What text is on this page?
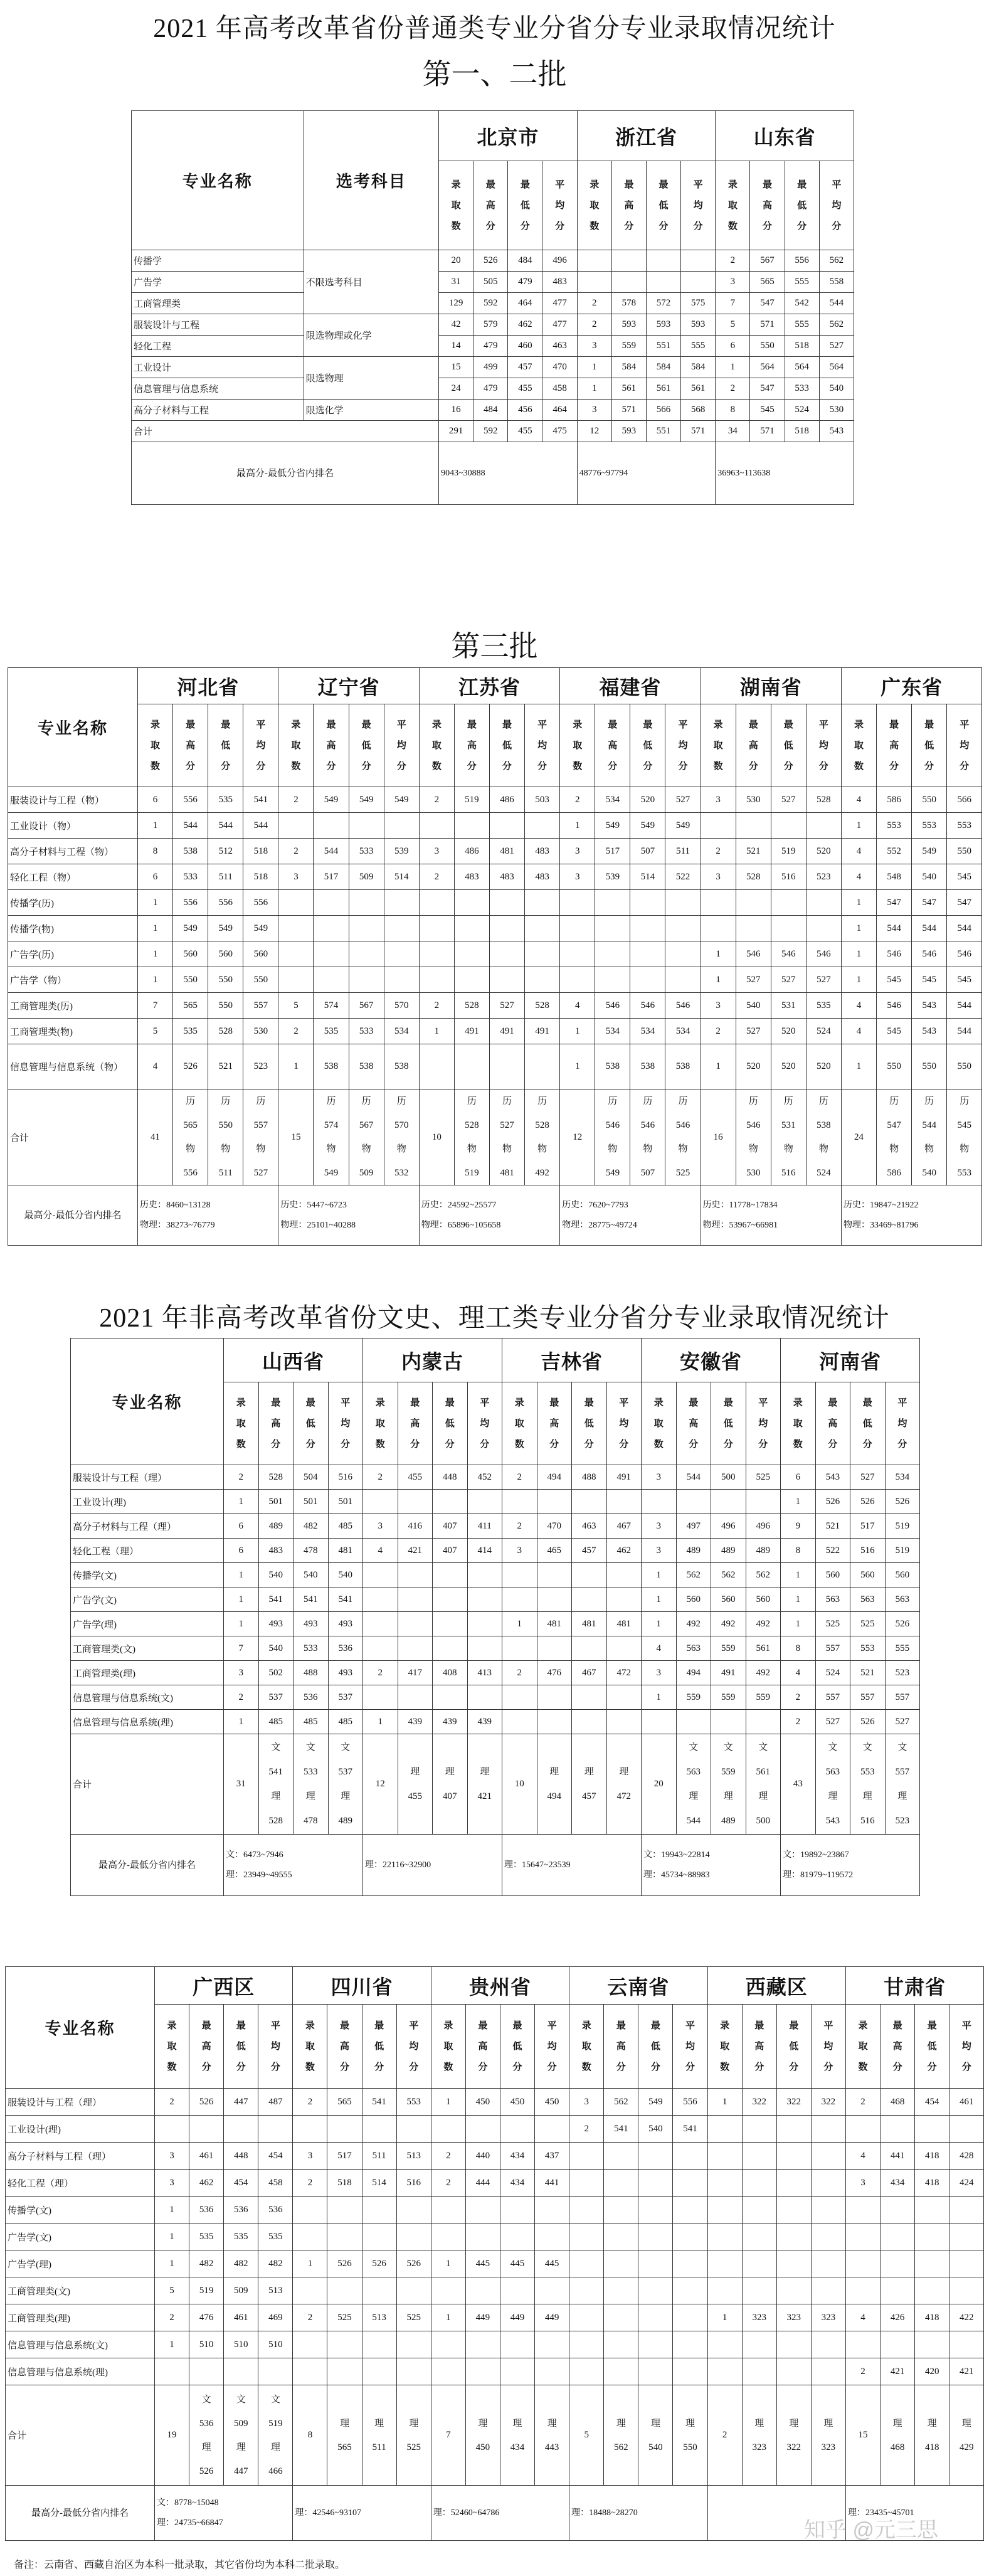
2021 年高考改革省份普通类专业分省分专业录取情况统计
第一、二批
专业名称	选考科目	北京市				浙江省				山东省			
		录
取
数	最
高
分	最
低
分	平
均
分	录
取
数	最
高
分	最
低
分	平
均
分	录
取
数	最
高
分	最
低
分	平
均
分
传播学	不限选考科目	20	526	484	496					2	567	556	562
广告学		31	505	479	483					3	565	555	558
工商管理类		129	592	464	477	2	578	572	575	7	547	542	544
服装设计与工程	限选物理或化学	42	579	462	477	2	593	593	593	5	571	555	562
轻化工程		14	479	460	463	3	559	551	555	6	550	518	527
工业设计	限选物理	15	499	457	470	1	584	584	584	1	564	564	564
信息管理与信息系统		24	479	455	458	1	561	561	561	2	547	533	540
高分子材料与工程	限选化学	16	484	456	464	3	571	566	568	8	545	524	530
合计		291	592	455	475	12	593	551	571	34	571	518	543
最高分-最低分省内排名		9043~30888				48776~97794				36963~113638			
第三批
专业名称	河北省				辽宁省				江苏省				福建省				湖南省				广东省			
	录
取
数	最
高
分	最
低
分	平
均
分	录
取
数	最
高
分	最
低
分	平
均
分	录
取
数	最
高
分	最
低
分	平
均
分	录
取
数	最
高
分	最
低
分	平
均
分	录
取
数	最
高
分	最
低
分	平
均
分	录
取
数	最
高
分	最
低
分	平
均
分
服装设计与工程（物）	6	556	535	541	2	549	549	549	2	519	486	503	2	534	520	527	3	530	527	528	4	586	550	566
工业设计（物）	1	544	544	544									1	549	549	549					1	553	553	553
高分子材料与工程（物）	8	538	512	518	2	544	533	539	3	486	481	483	3	517	507	511	2	521	519	520	4	552	549	550
轻化工程（物）	6	533	511	518	3	517	509	514	2	483	483	483	3	539	514	522	3	528	516	523	4	548	540	545
传播学(历)	1	556	556	556																	1	547	547	547
传播学(物)	1	549	549	549																	1	544	544	544
广告学(历)	1	560	560	560													1	546	546	546	1	546	546	546
广告学（物）	1	550	550	550													1	527	527	527	1	545	545	545
工商管理类(历)	7	565	550	557	5	574	567	570	2	528	527	528	4	546	546	546	3	540	531	535	4	546	543	544
工商管理类(物)	5	535	528	530	2	535	533	534	1	491	491	491	1	534	534	534	2	527	520	524	4	545	543	544
信息管理与信息系统（物）	4	526	521	523	1	538	538	538					1	538	538	538	1	520	520	520	1	550	550	550
合计	41	历
565
物
556	历
550
物
511	历
557
物
527	15	历
574
物
549	历
567
物
509	历
570
物
532	10	历
528
物
519	历
527
物
481	历
528
物
492	12	历
546
物
549	历
546
物
507	历
546
物
525	16	历
546
物
530	历
531
物
516	历
538
物
524	24	历
547
物
586	历
544
物
540	历
545
物
553
最高分-最低分省内排名	历史：8460~13128
物理：38273~76779				历史：5447~6723
物理：25101~40288				历史：24592~25577
物理：65896~105658				历史：7620~7793
物理：28775~49724				历史：11778~17834
物理：53967~66981				历史：19847~21922
物理：33469~81796			
2021 年非高考改革省份文史、理工类专业分省分专业录取情况统计
专业名称	山西省				内蒙古				吉林省				安徽省				河南省			
	录
取
数	最
高
分	最
低
分	平
均
分	录
取
数	最
高
分	最
低
分	平
均
分	录
取
数	最
高
分	最
低
分	平
均
分	录
取
数	最
高
分	最
低
分	平
均
分	录
取
数	最
高
分	最
低
分	平
均
分
服装设计与工程（理）	2	528	504	516	2	455	448	452	2	494	488	491	3	544	500	525	6	543	527	534
工业设计(理)	1	501	501	501													1	526	526	526
高分子材料与工程（理）	6	489	482	485	3	416	407	411	2	470	463	467	3	497	496	496	9	521	517	519
轻化工程（理）	6	483	478	481	4	421	407	414	3	465	457	462	3	489	489	489	8	522	516	519
传播学(文)	1	540	540	540									1	562	562	562	1	560	560	560
广告学(文)	1	541	541	541									1	560	560	560	1	563	563	563
广告学(理)	1	493	493	493					1	481	481	481	1	492	492	492	1	525	525	526
工商管理类(文)	7	540	533	536									4	563	559	561	8	557	553	555
工商管理类(理)	3	502	488	493	2	417	408	413	2	476	467	472	3	494	491	492	4	524	521	523
信息管理与信息系统(文)	2	537	536	537									1	559	559	559	2	557	557	557
信息管理与信息系统(理)	1	485	485	485	1	439	439	439									2	527	526	527
合计	31	文
541
理
528	文
533
理
478	文
537
理
489	12	理
455	理
407	理
421	10	理
494	理
457	理
472	20	文
563
理
544	文
559
理
489	文
561
理
500	43	文
563
理
543	文
553
理
516	文
557
理
523
最高分-最低分省内排名	文：6473~7946
理：23949~49555				理：22116~32900				理：15647~23539				文：19943~22814
理：45734~88983				文：19892~23867
理：81979~119572			
专业名称	广西区				四川省				贵州省				云南省				西藏区				甘肃省			
	录
取
数	最
高
分	最
低
分	平
均
分	录
取
数	最
高
分	最
低
分	平
均
分	录
取
数	最
高
分	最
低
分	平
均
分	录
取
数	最
高
分	最
低
分	平
均
分	录
取
数	最
高
分	最
低
分	平
均
分	录
取
数	最
高
分	最
低
分	平
均
分
服装设计与工程（理）	2	526	447	487	2	565	541	553	1	450	450	450	3	562	549	556	1	322	322	322	2	468	454	461
工业设计(理)													2	541	540	541								
高分子材料与工程（理）	3	461	448	454	3	517	511	513	2	440	434	437									4	441	418	428
轻化工程（理）	3	462	454	458	2	518	514	516	2	444	434	441									3	434	418	424
传播学(文)	1	536	536	536																				
广告学(文)	1	535	535	535																				
广告学(理)	1	482	482	482	1	526	526	526	1	445	445	445												
工商管理类(文)	5	519	509	513																				
工商管理类(理)	2	476	461	469	2	525	513	525	1	449	449	449					1	323	323	323	4	426	418	422
信息管理与信息系统(文)	1	510	510	510																				
信息管理与信息系统(理)																					2	421	420	421
合计	19	文
536
理
526	文
509
理
447	文
519
理
466	8	理
565	理
511	理
525	7	理
450	理
434	理
443	5	理
562	理
540	理
550	2	理
323	理
322	理
323	15	理
468	理
418	理
429
最高分-最低分省内排名	文：8778~15048
理：24735~66847				理：42546~93107				理：52460~64786				理：18488~28270								理：23435~45701			
备注：云南省、西藏自治区为本科一批录取，其它省份均为本科二批录取。
知乎 @元三思
